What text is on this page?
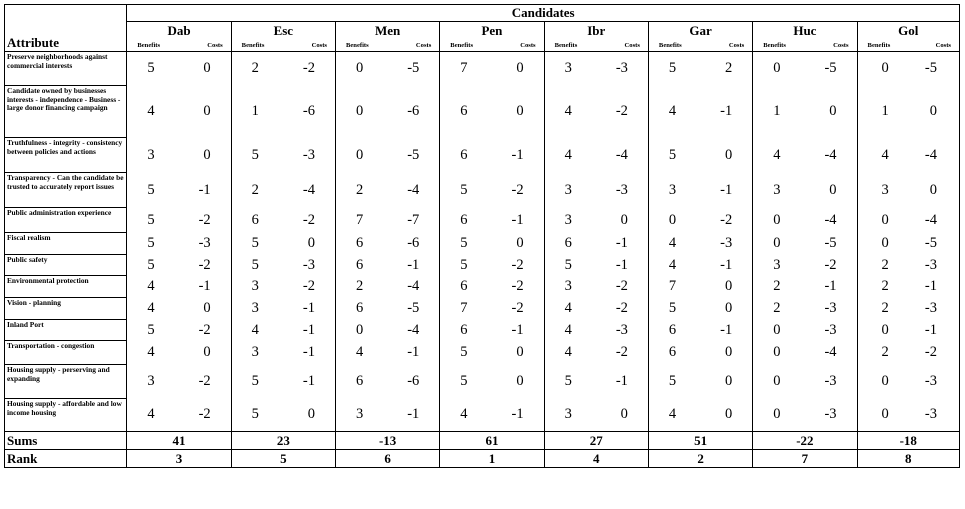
Attribute	Candidates															
	Dab		Esc		Men		Pen		Ibr		Gar		Huc		Gol	
	Benefits	Costs	Benefits	Costs	Benefits	Costs	Benefits	Costs	Benefits	Costs	Benefits	Costs	Benefits	Costs	Benefits	Costs
Preserve neighborhoods against commercial interests	5	0	2	-2	0	-5	7	0	3	-3	5	2	0	-5	0	-5
Candidate owned by businesses interests - independence - Business - large donor financing campaign	4	0	1	-6	0	-6	6	0	4	-2	4	-1	1	0	1	0
Truthfulness - integrity - consistency between policies and actions	3	0	5	-3	0	-5	6	-1	4	-4	5	0	4	-4	4	-4
Transparency - Can the candidate be trusted to accurately report issues	5	-1	2	-4	2	-4	5	-2	3	-3	3	-1	3	0	3	0
Public administration experience	5	-2	6	-2	7	-7	6	-1	3	0	0	-2	0	-4	0	-4
Fiscal realism	5	-3	5	0	6	-6	5	0	6	-1	4	-3	0	-5	0	-5
Public safety	5	-2	5	-3	6	-1	5	-2	5	-1	4	-1	3	-2	2	-3
Environmental protection	4	-1	3	-2	2	-4	6	-2	3	-2	7	0	2	-1	2	-1
Vision - planning	4	0	3	-1	6	-5	7	-2	4	-2	5	0	2	-3	2	-3
Inland Port	5	-2	4	-1	0	-4	6	-1	4	-3	6	-1	0	-3	0	-1
Transportation - congestion	4	0	3	-1	4	-1	5	0	4	-2	6	0	0	-4	2	-2
Housing supply - perserving and expanding	3	-2	5	-1	6	-6	5	0	5	-1	5	0	0	-3	0	-3
Housing supply - affordable and low income housing	4	-2	5	0	3	-1	4	-1	3	0	4	0	0	-3	0	-3
Sums	41		23		-13		61		27		51		-22		-18	
Rank	3		5		6		1		4		2		7		8	
